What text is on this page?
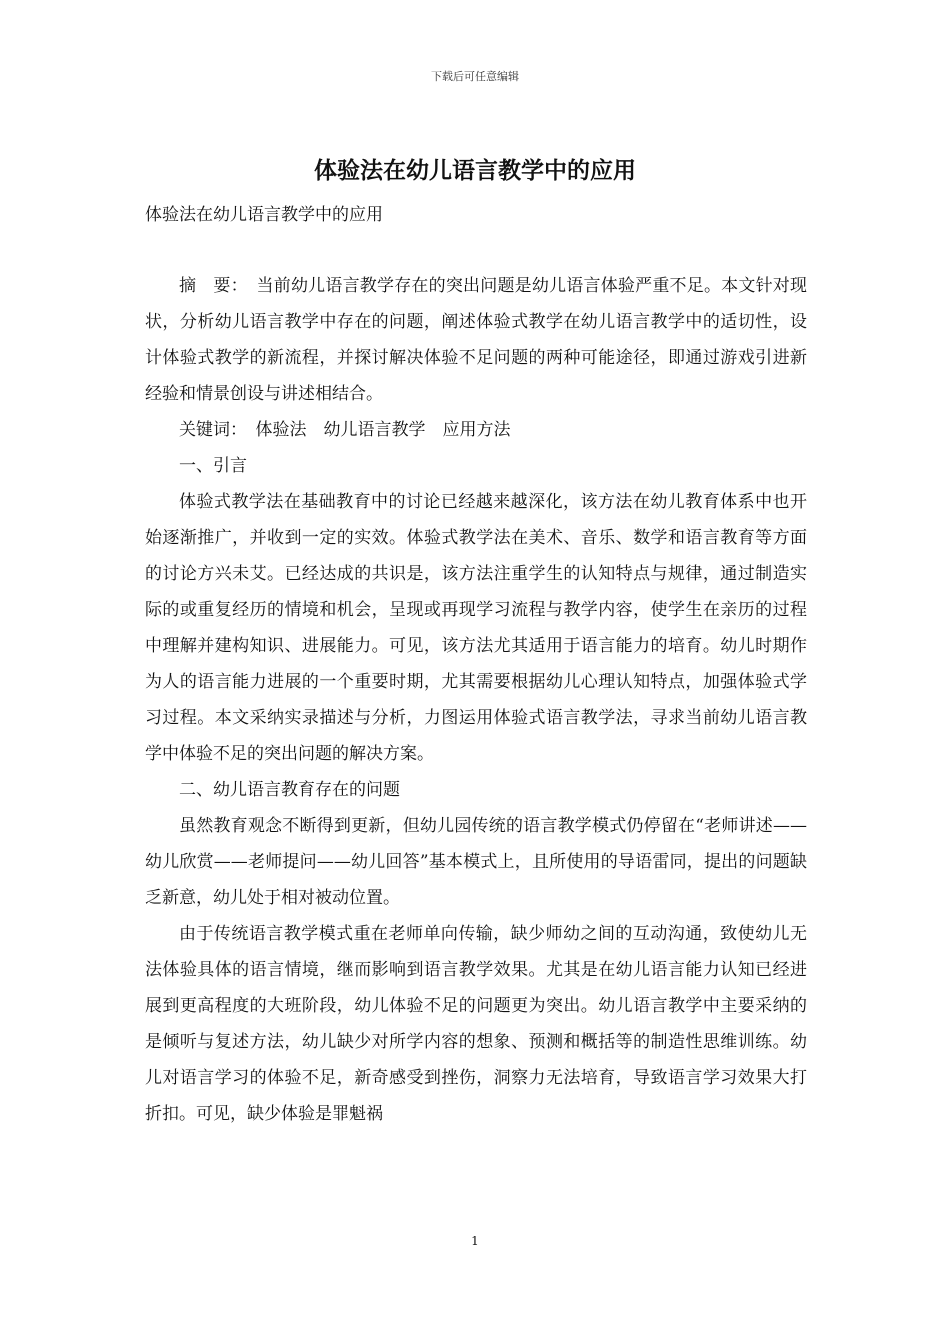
下载后可任意编辑
体验法在幼儿语言教学中的应用
体验法在幼儿语言教学中的应用

摘　要：　当前幼儿语言教学存在的突出问题是幼儿语言体验严重不足。本文针对现状，分析幼儿语言教学中存在的问题，阐述体验式教学在幼儿语言教学中的适切性，设计体验式教学的新流程，并探讨解决体验不足问题的两种可能途径，即通过游戏引进新经验和情景创设与讲述相结合。

关键词：　体验法　幼儿语言教学　应用方法

一、引言

体验式教学法在基础教育中的讨论已经越来越深化，该方法在幼儿教育体系中也开始逐渐推广，并收到一定的实效。体验式教学法在美术、音乐、数学和语言教育等方面的讨论方兴未艾。已经达成的共识是，该方法注重学生的认知特点与规律，通过制造实际的或重复经历的情境和机会，呈现或再现学习流程与教学内容，使学生在亲历的过程中理解并建构知识、进展能力。可见，该方法尤其适用于语言能力的培育。幼儿时期作为人的语言能力进展的一个重要时期，尤其需要根据幼儿心理认知特点，加强体验式学习过程。本文采纳实录描述与分析，力图运用体验式语言教学法，寻求当前幼儿语言教学中体验不足的突出问题的解决方案。

二、幼儿语言教育存在的问题

虽然教育观念不断得到更新，但幼儿园传统的语言教学模式仍停留在“老师讲述——幼儿欣赏——老师提问——幼儿回答”基本模式上，且所使用的导语雷同，提出的问题缺乏新意，幼儿处于相对被动位置。

由于传统语言教学模式重在老师单向传输，缺少师幼之间的互动沟通，致使幼儿无法体验具体的语言情境，继而影响到语言教学效果。尤其是在幼儿语言能力认知已经进展到更高程度的大班阶段，幼儿体验不足的问题更为突出。幼儿语言教学中主要采纳的是倾听与复述方法，幼儿缺少对所学内容的想象、预测和概括等的制造性思维训练。幼儿对语言学习的体验不足，新奇感受到挫伤，洞察力无法培育，导致语言学习效果大打折扣。可见，缺少体验是罪魁祸

1
